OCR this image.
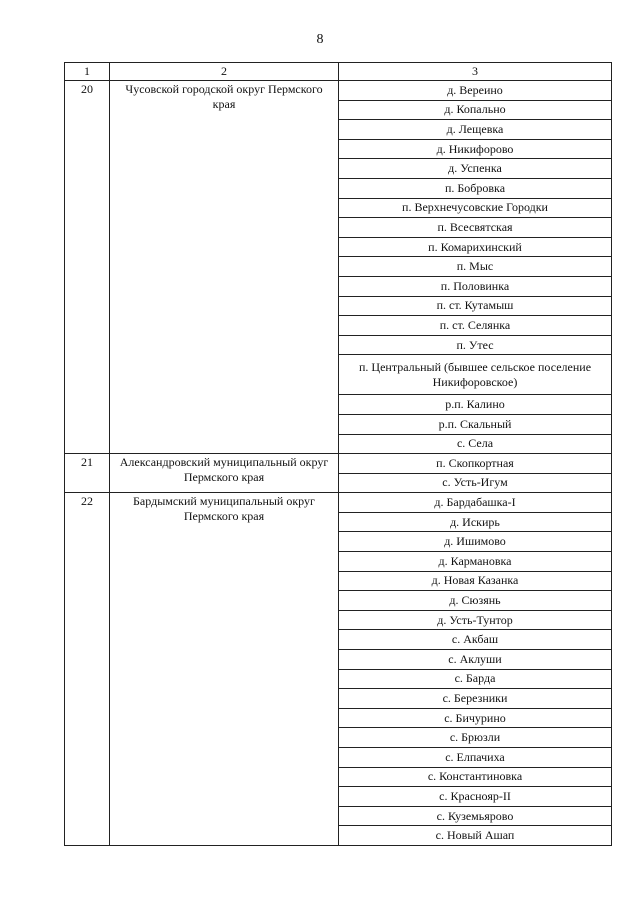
8
1	2	3
20	Чусовской городской округ Пермского края	д. Вереино
		д. Копально
		д. Лещевка
		д. Никифорово
		д. Успенка
		п. Бобровка
		п. Верхнечусовские Городки
		п. Всесвятская
		п. Комарихинский
		п. Мыс
		п. Половинка
		п. ст. Кутамыш
		п. ст. Селянка
		п. Утес
		п. Центральный (бывшее сельское поселение Никифоровское)
		р.п. Калино
		р.п. Скальный
		с. Села
21	Александровский муниципальный округ Пермского края	п. Скопкортная
		с. Усть-Игум
22	Бардымский муниципальный округ Пермского края	д. Бардабашка-I
		д. Искирь
		д. Ишимово
		д. Кармановка
		д. Новая Казанка
		д. Сюзянь
		д. Усть-Тунтор
		с. Акбаш
		с. Аклуши
		с. Барда
		с. Березники
		с. Бичурино
		с. Брюзли
		с. Елпачиха
		с. Константиновка
		с. Краснояр-II
		с. Куземьярово
		с. Новый Ашап
